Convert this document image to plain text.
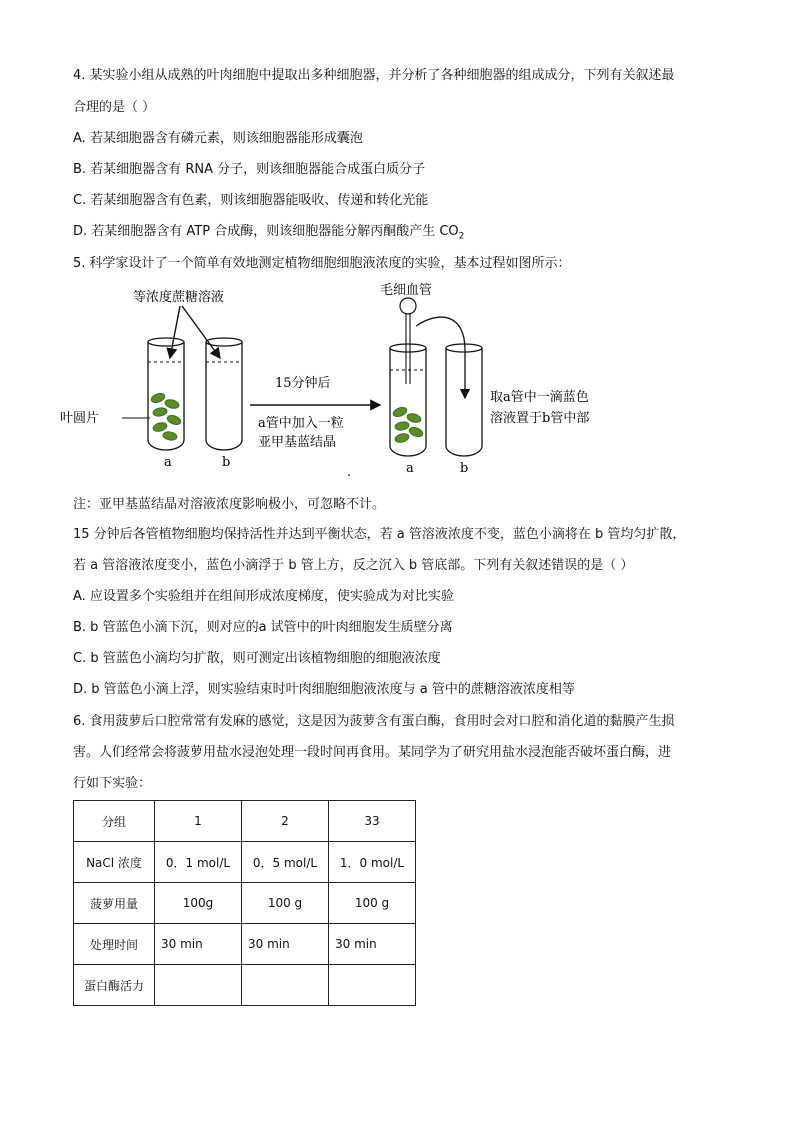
4. 某实验小组从成熟的叶肉细胞中提取出多种细胞器，并分析了各种细胞器的组成成分，下列有关叙述最
合理的是（ ）
A. 若某细胞器含有磷元素，则该细胞器能形成囊泡
B. 若某细胞器含有 RNA 分子，则该细胞器能合成蛋白质分子
C. 若某细胞器含有色素，则该细胞器能吸收、传递和转化光能
D. 若某细胞器含有 ATP 合成酶，则该细胞器能分解丙酮酸产生 $CO_2$
5. 科学家设计了一个简单有效地测定植物细胞细胞液浓度的实验，基本过程如图所示：
等浓度蔗糖溶液
a	b
叶圆片
15分钟后
a管中加入一粒
亚甲基蓝结晶
毛细血管
a	b
取a管中一滴蓝色
溶液置于b管中部
.
注：亚甲基蓝结晶对溶液浓度影响极小，可忽略不计。
15 分钟后各管植物细胞均保持活性并达到平衡状态，若 a 管溶液浓度不变，蓝色小滴将在 b 管均匀扩散，
若 a 管溶液浓度变小，蓝色小滴浮于 b 管上方，反之沉入 b 管底部。下列有关叙述错误的是（ ）
A. 应设置多个实验组并在组间形成浓度梯度，使实验成为对比实验
B. b 管蓝色小滴下沉，则对应的a 试管中的叶肉细胞发生质壁分离
C. b 管蓝色小滴均匀扩散，则可测定出该植物细胞的细胞液浓度
D. b 管蓝色小滴上浮，则实验结束时叶肉细胞细胞液浓度与 a 管中的蔗糖溶液浓度相等
6. 食用菠萝后口腔常常有发麻的感觉，这是因为菠萝含有蛋白酶，食用时会对口腔和消化道的黏膜产生损
害。人们经常会将菠萝用盐水浸泡处理一段时间再食用。某同学为了研究用盐水浸泡能否破坏蛋白酶，进
行如下实验：
分组	1	2	33
NaCl 浓度	0．1 mol/L	0．5 mol/L	1．0 mol/L
菠萝用量	100g	100 g	100 g
处理时间	30 min	30 min	30 min
蛋白酶活力			
